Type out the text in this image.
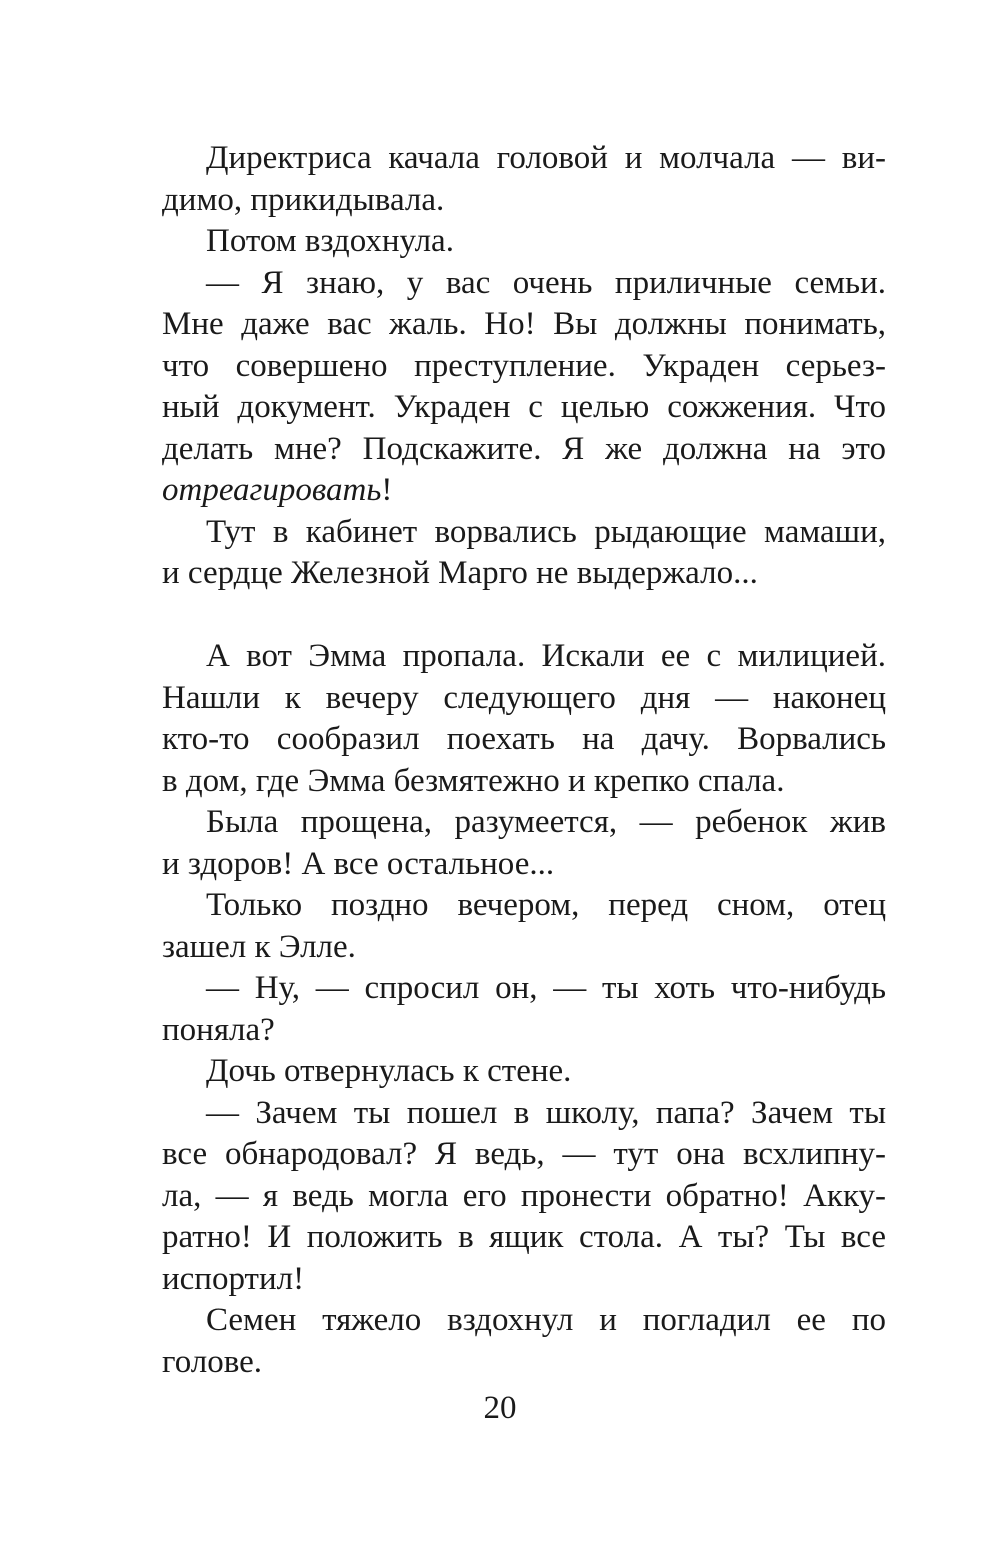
Директриса качала головой и молчала — ви-
димо, прикидывала.

Потом вздохнула.

— Я знаю, у вас очень приличные семьи.
Мне даже вас жаль. Но! Вы должны понимать,
что совершено преступление. Украден серьез-
ный документ. Украден с целью сожжения. Что
делать мне? Подскажите. Я же должна на это
отреагировать!

Тут в кабинет ворвались рыдающие мамаши,
и сердце Железной Марго не выдержало...

А вот Эмма пропала. Искали ее с милицией.
Нашли к вечеру следующего дня — наконец
кто-то сообразил поехать на дачу. Ворвались
в дом, где Эмма безмятежно и крепко спала.

Была прощена, разумеется, — ребенок жив
и здоров! А все остальное...

Только поздно вечером, перед сном, отец
зашел к Элле.

— Ну, — спросил он, — ты хоть что-нибудь
поняла?

Дочь отвернулась к стене.

— Зачем ты пошел в школу, папа? Зачем ты
все обнародовал? Я ведь, — тут она всхлипну-
ла, — я ведь могла его пронести обратно! Акку-
ратно! И положить в ящик стола. А ты? Ты все
испортил!

Семен тяжело вздохнул и погладил ее по
голове.

20
